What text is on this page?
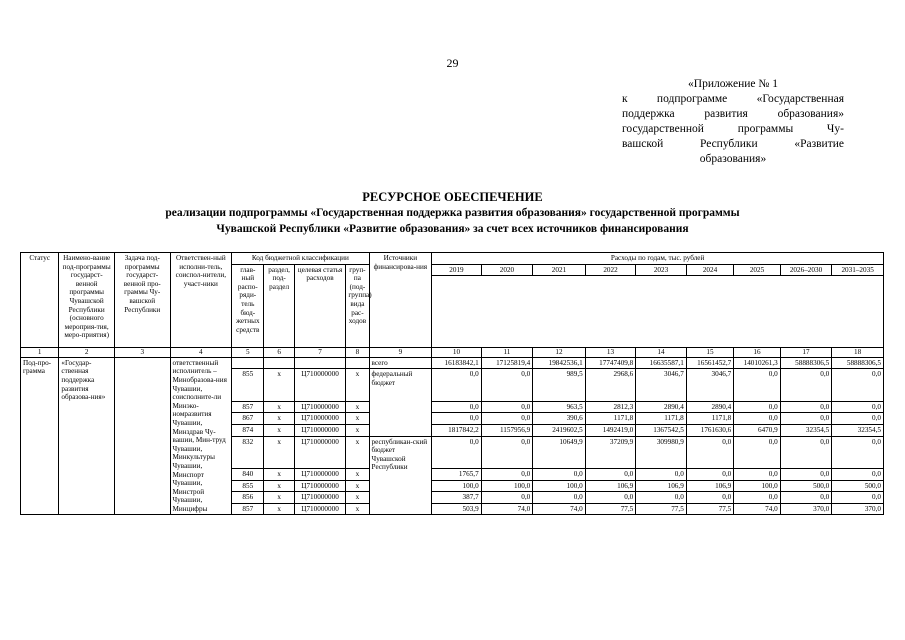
29
«Приложение № 1
к подпрограмме «Государственная
поддержка развития образования»
государственной программы Чу-
вашской Республики «Развитие
образования»
РЕСУРСНОЕ ОБЕСПЕЧЕНИЕ
реализации подпрограммы «Государственная поддержка развития образования» государственной программы
Чувашской Республики «Развитие образования» за счет всех источников финансирования
Статус	Наимено-вание под-программы государст-венной программы Чувашской Республики (основного мероприя-тия, меро-приятия)	Задача под-программы государст-венной про-граммы Чу-вашской Республики	Ответствен-ный исполни-тель, соиспол-нители, участ-ники	Код бюджетной классификации				Источники финансирова-ния	Расходы по годам, тыс. рублей								
				глав-ный распо-ряди-тель бюд-жетных средств	раздел, под-раздел	целевая статья расходов	груп-па (под-группа) вида рас-ходов		2019	2020	2021	2022	2023	2024	2025	2026–2030	2031–2035

1	2	3	4	5	6	7	8	9	10	11	12	13	14	15	16	17	18
Под-про-грамма	«Государ-ственная поддержка развития образова-ния»		ответственный исполнитель – Минобразова-ния Чувашии, соисполните-ли Минэко-номразвития Чувашии, Минздрав Чу-вашии, Мин-труд Чувашии, Минкультуры Чувашии, Минспорт Чувашии, Минстрой Чувашии, Минцифры					всего	16183842,1	17125819,4	19842536,1	17747409,8	16635587,1	16561452,7	14010261,3	58888306,5	58888306,5
				855	x	Ц710000000	x	федеральный бюджет	0,0	0,0	989,5	2968,6	3046,7	3046,7	0,0	0,0	0,0
				857	x	Ц710000000	x		0,0	0,0	963,5	2812,3	2890,4	2890,4	0,0	0,0	0,0
				867	x	Ц710000000	x		0,0	0,0	390,6	1171,8	1171,8	1171,8	0,0	0,0	0,0
				874	x	Ц710000000	x		1817842,2	1157956,9	2419602,5	1492419,0	1367542,5	1761630,6	6470,9	32354,5	32354,5
				832	x	Ц710000000	x	республикан-ский бюджет Чувашской Республики	0,0	0,0	10649,9	37209,9	309980,9	0,0	0,0	0,0	0,0
				840	x	Ц710000000	x		1765,7	0,0	0,0	0,0	0,0	0,0	0,0	0,0	0,0
				855	x	Ц710000000	x		100,0	100,0	100,0	106,9	106,9	106,9	100,0	500,0	500,0
				856	x	Ц710000000	x		387,7	0,0	0,0	0,0	0,0	0,0	0,0	0,0	0,0
				857	x	Ц710000000	x		503,9	74,0	74,0	77,5	77,5	77,5	74,0	370,0	370,0
